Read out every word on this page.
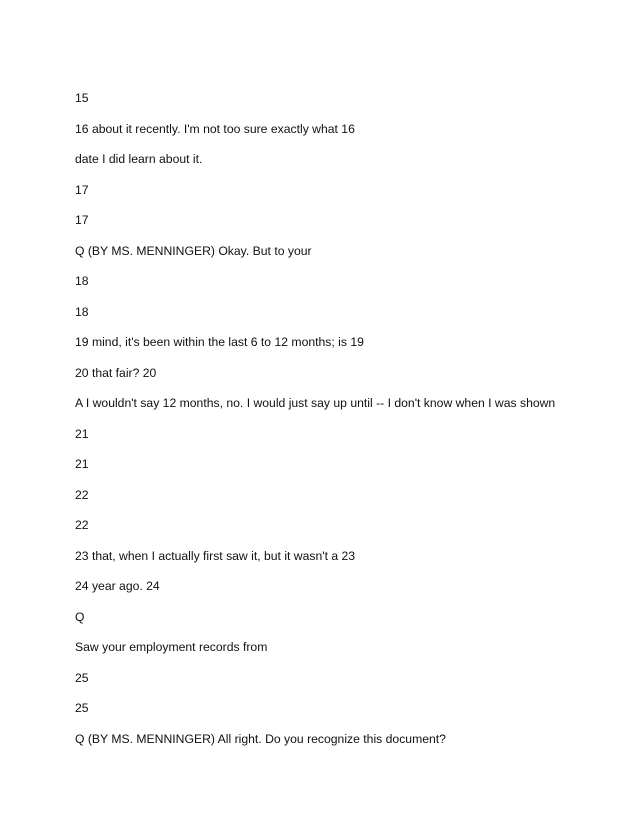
15
16 about it recently. I'm not too sure exactly what 16
date I did learn about it.
17
17
Q (BY MS. MENNINGER) Okay. But to your
18
18
19 mind, it's been within the last 6 to 12 months; is 19
20 that fair? 20
A I wouldn't say 12 months, no. I would just say up until -- I don't know when I was shown
21
21
22
22
23 that, when I actually first saw it, but it wasn't a 23
24 year ago. 24
Q
Saw your employment records from
25
25
Q (BY MS. MENNINGER) All right. Do you recognize this document?
